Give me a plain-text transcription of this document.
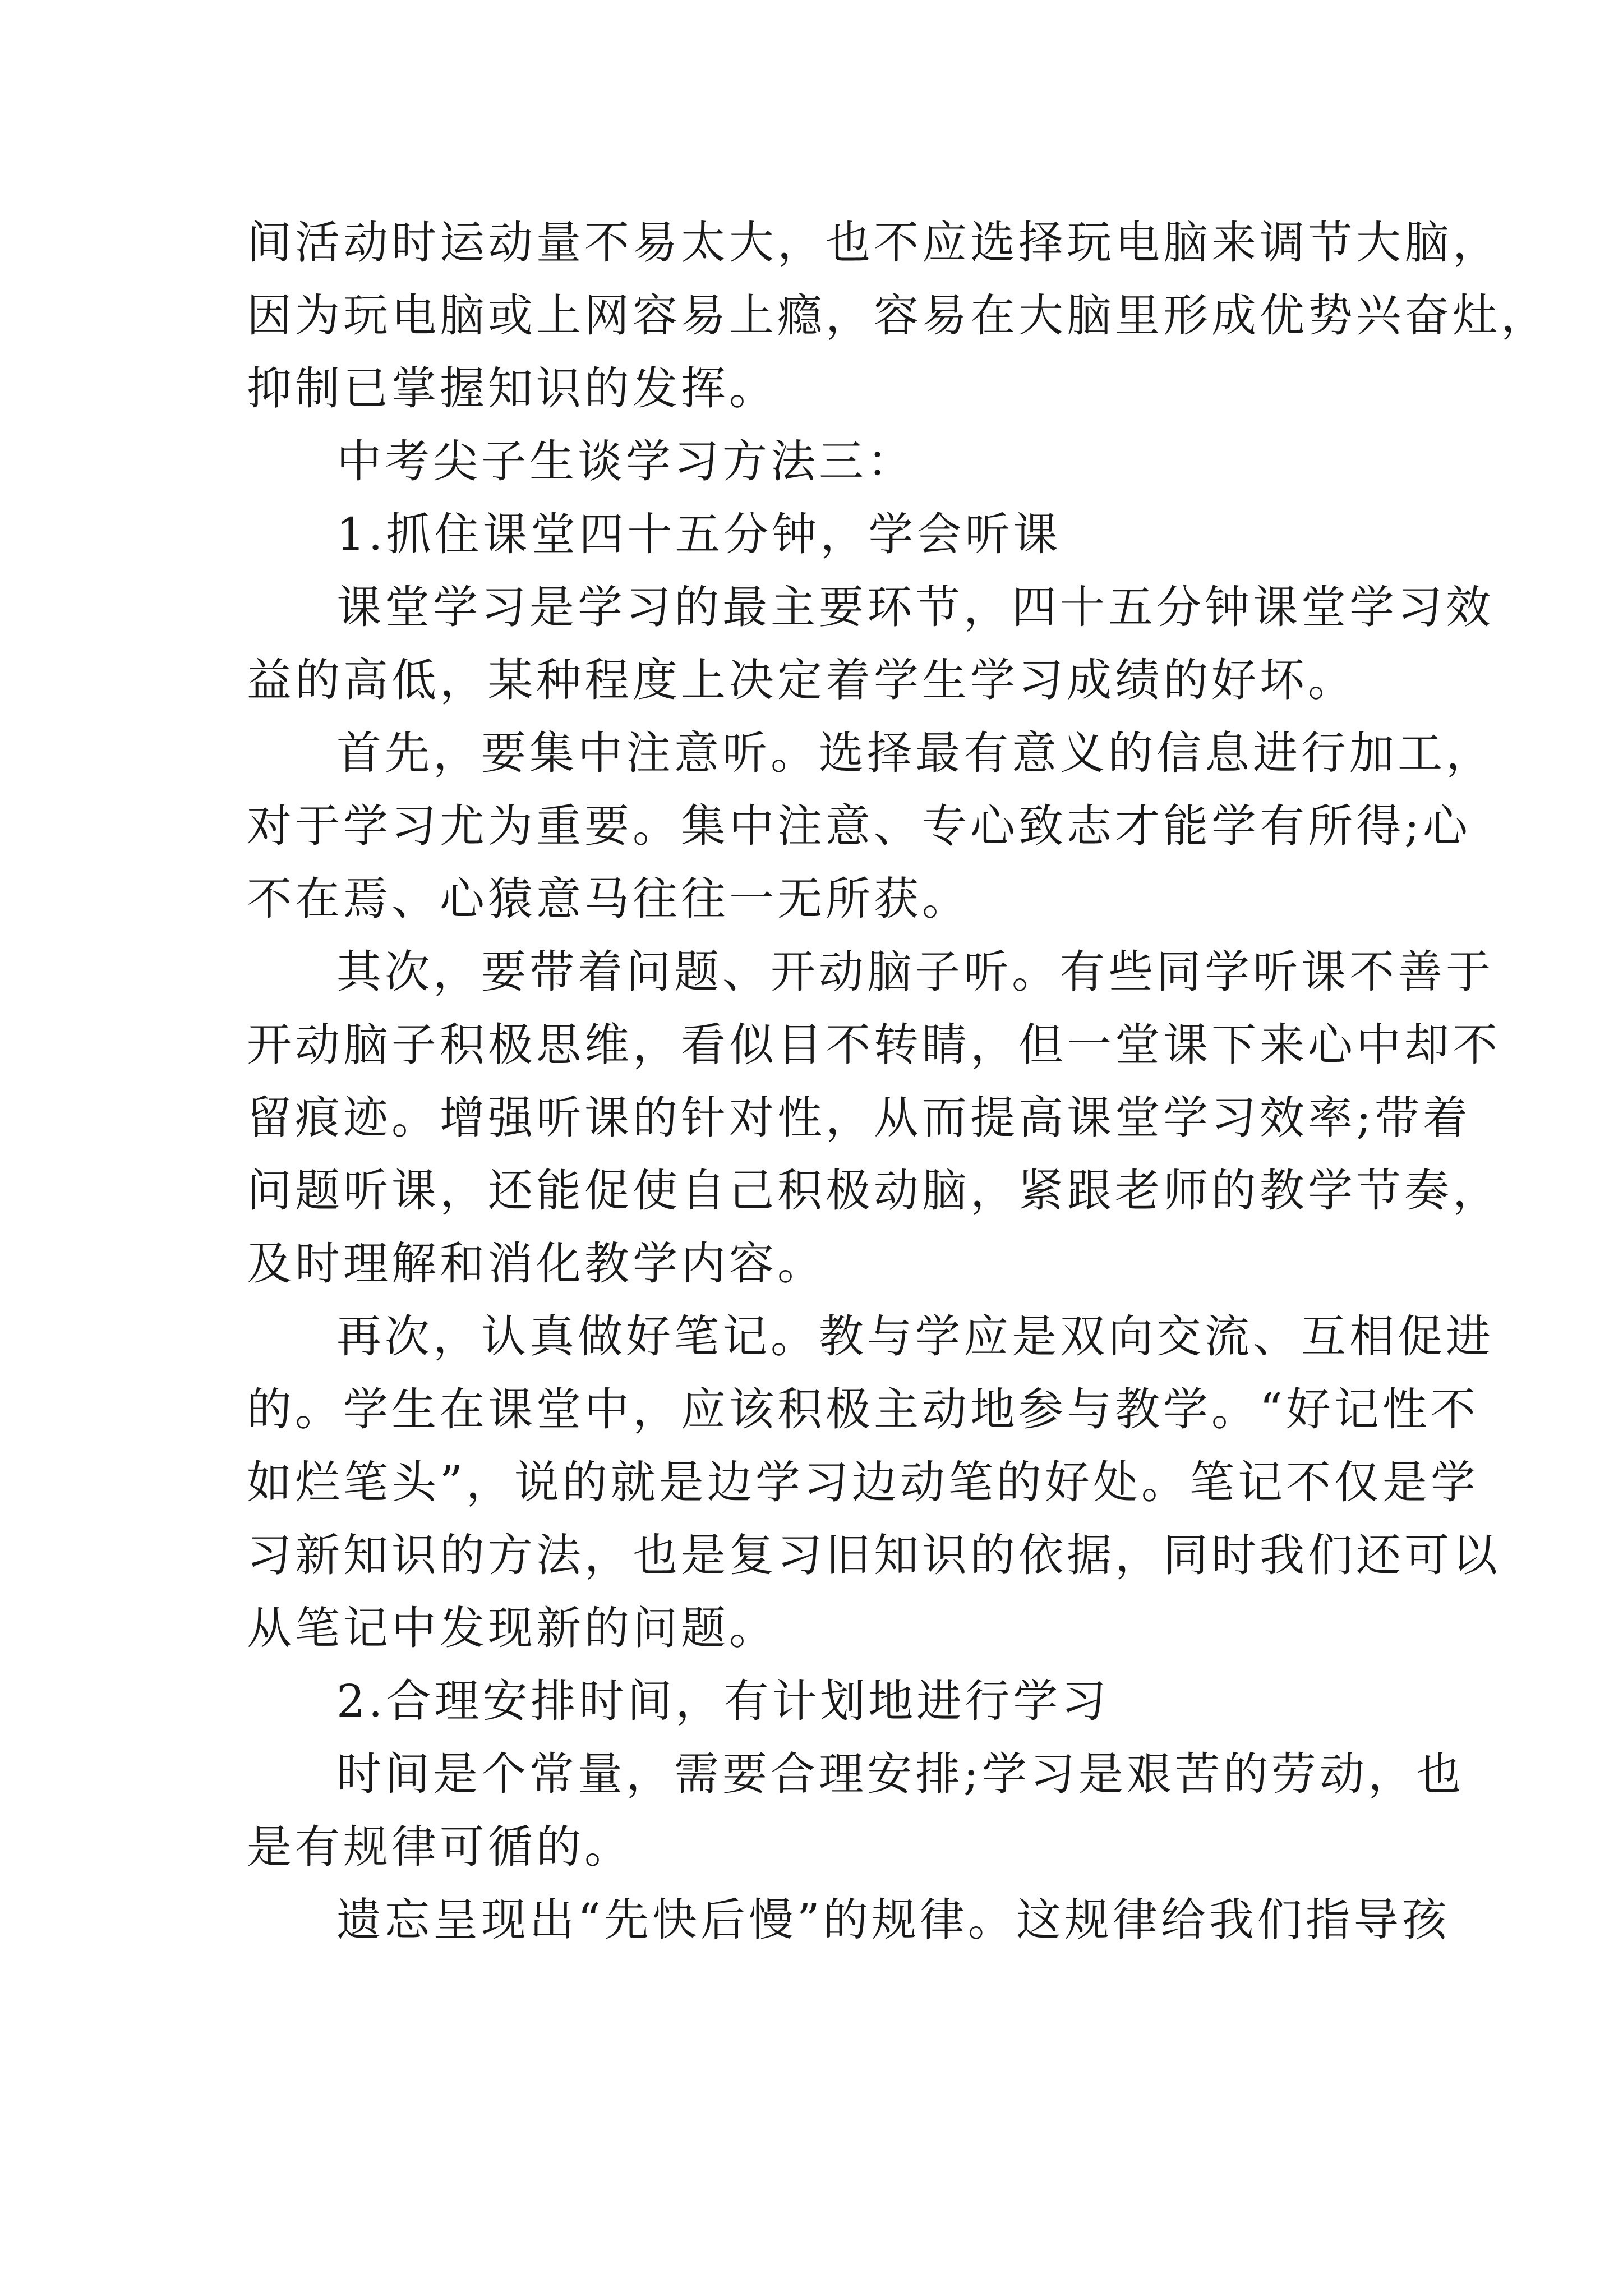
间活动时运动量不易太大，也不应选择玩电脑来调节大脑，
因为玩电脑或上网容易上瘾，容易在大脑里形成优势兴奋灶，
抑制已掌握知识的发挥。
中考尖子生谈学习方法三：
1.抓住课堂四十五分钟，学会听课
课堂学习是学习的最主要环节，四十五分钟课堂学习效
益的高低，某种程度上决定着学生学习成绩的好坏。
首先，要集中注意听。选择最有意义的信息进行加工，
对于学习尤为重要。集中注意、专心致志才能学有所得;心
不在焉、心猿意马往往一无所获。
其次，要带着问题、开动脑子听。有些同学听课不善于
开动脑子积极思维，看似目不转睛，但一堂课下来心中却不
留痕迹。增强听课的针对性，从而提高课堂学习效率;带着
问题听课，还能促使自己积极动脑，紧跟老师的教学节奏，
及时理解和消化教学内容。
再次，认真做好笔记。教与学应是双向交流、互相促进
的。学生在课堂中，应该积极主动地参与教学。“好记性不
如烂笔头”，说的就是边学习边动笔的好处。笔记不仅是学
习新知识的方法，也是复习旧知识的依据，同时我们还可以
从笔记中发现新的问题。
2.合理安排时间，有计划地进行学习
时间是个常量，需要合理安排;学习是艰苦的劳动，也
是有规律可循的。
遗忘呈现出“先快后慢”的规律。这规律给我们指导孩
